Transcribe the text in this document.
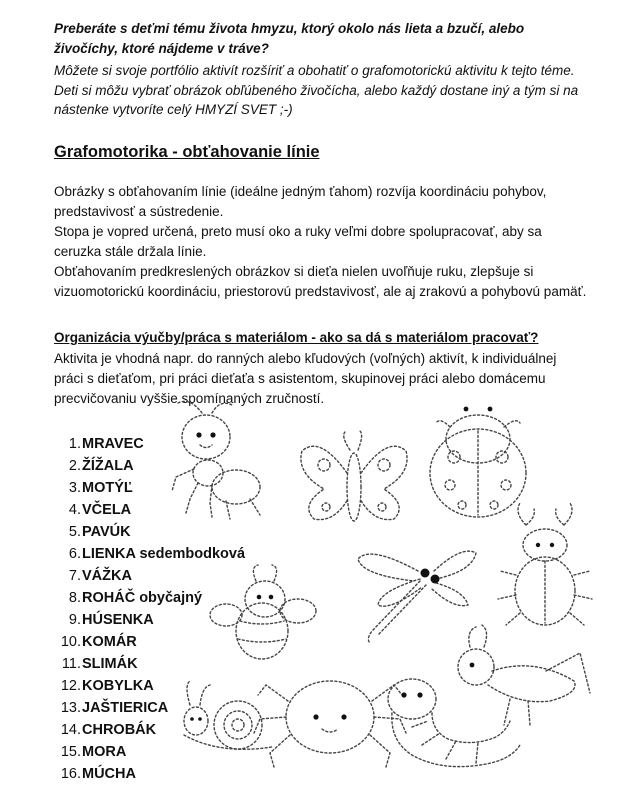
Preberáte s deťmi tému života hmyzu, ktorý okolo nás lieta a bzučí, alebo živočíchy, ktoré nájdeme v tráve?

Môžete si svoje portfólio aktivít rozšíriť a obohatiť o grafomotorickú aktivitu k tejto téme. Deti si môžu vybrať obrázok obľúbeného živočícha, alebo každý dostane iný a tým si na nástenke vytvoríte celý HMYZÍ SVET ;-)

Grafomotorika - obťahovanie línie
Obrázky s obťahovaním línie (ideálne jedným ťahom) rozvíja koordináciu pohybov, predstavivosť a sústredenie.
Stopa je vopred určená, preto musí oko a ruky veľmi dobre spolupracovať, aby sa ceruzka stále držala línie.
Obťahovaním predkreslených obrázkov si dieťa nielen uvoľňuje ruku, zlepšuje si vizuomotorickú koordináciu, priestorovú predstavivosť, ale aj zrakovú a pohybovú pamäť.
Organizácia výučby/práca s materiálom - ako sa dá s materiálom pracovať?

Aktivita je vhodná napr. do ranných alebo kľudových (voľných) aktivít, k individuálnej práci s dieťaťom, pri práci dieťaťa s asistentom, skupinovej práci alebo domácemu precvičovaniu vyššie spomínaných zručností.

1.MRAVEC
2.ŽÍŽALA
3.MOTÝĽ
4.VČELA
5.PAVÚK
6.LIENKA sedembodková
7.VÁŽKA
8.ROHÁČ obyčajný
9.HÚSENKA
10.KOMÁR
11.SLIMÁK
12.KOBYLKA
13.JAŠTIERICA
14.CHROBÁK
15.MORA
16.MÚCHA
